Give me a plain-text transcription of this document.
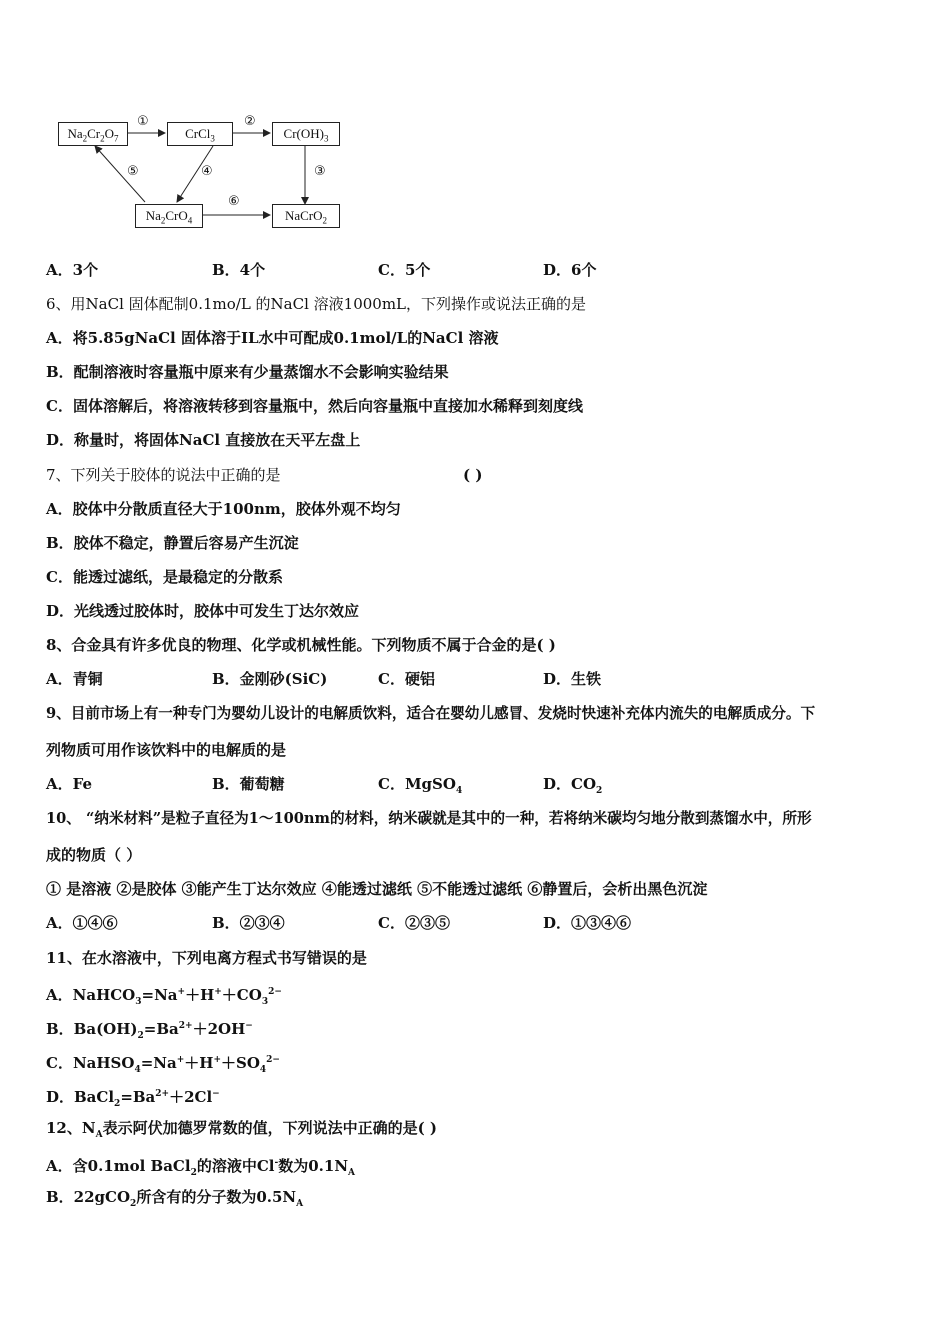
$Na_2Cr_2O_7$	CrCl$_3$	$Cr(OH)_3$
$Na_2CrO_4$	NaCrO$_2$
①	②
③
④
⑤
⑥
A．3个	B．4个	C．5个	D．6个
6、用NaCl 固体配制0.1mo/L 的NaCl 溶液1000mL，下列操作或说法正确的是
A．将5.85gNaCl 固体溶于IL水中可配成0.1mol/L的NaCl 溶液
B．配制溶液时容量瓶中原来有少量蒸馏水不会影响实验结果
C．固体溶解后，将溶液转移到容量瓶中，然后向容量瓶中直接加水稀释到刻度线
D．称量时，将固体NaCl 直接放在天平左盘上
7、下列关于胶体的说法中正确的是	( )
A．胶体中分散质直径大于100nm，胶体外观不均匀
B．胶体不稳定，静置后容易产生沉淀
C．能透过滤纸，是最稳定的分散系
D．光线透过胶体时，胶体中可发生丁达尔效应
8、合金具有许多优良的物理、化学或机械性能。下列物质不属于合金的是( )
A．青铜	B．金刚砂(SiC)	C．硬铝	D．生铁
9、目前市场上有一种专门为婴幼儿设计的电解质饮料，适合在婴幼儿感冒、发烧时快速补充体内流失的电解质成分。下
列物质可用作该饮料中的电解质的是
A．Fe	B．葡萄糖	C．MgSO$_4$	D．$CO_2$
10、 “纳米材料”是粒子直径为1～100nm的材料，纳米碳就是其中的一种，若将纳米碳均匀地分散到蒸馏水中，所形
成的物质（ ）
① 是溶液 ②是胶体 ③能产生丁达尔效应 ④能透过滤纸 ⑤不能透过滤纸 ⑥静置后，会析出黑色沉淀
A．①④⑥	B．②③④	C．②③⑤	D．①③④⑥
11、在水溶液中，下列电离方程式书写错误的是
A．$NaHCO_3=Na^++H^++CO_3^{2-}$
B．$Ba(OH)_2=Ba^{2+}+2OH^-$
C．$NaHSO_4=Na^++H^++SO_4^{2-}$
D．$BaCl_2=Ba^{2+}+2Cl^-$
12、$N_A$表示阿伏加德罗常数的值，下列说法中正确的是( )
A．含0.1mol BaCl$_2$的溶液中Cl-数为$0.1N_A$
B．22gCO$_2$所含有的分子数为$0.5N_A$
